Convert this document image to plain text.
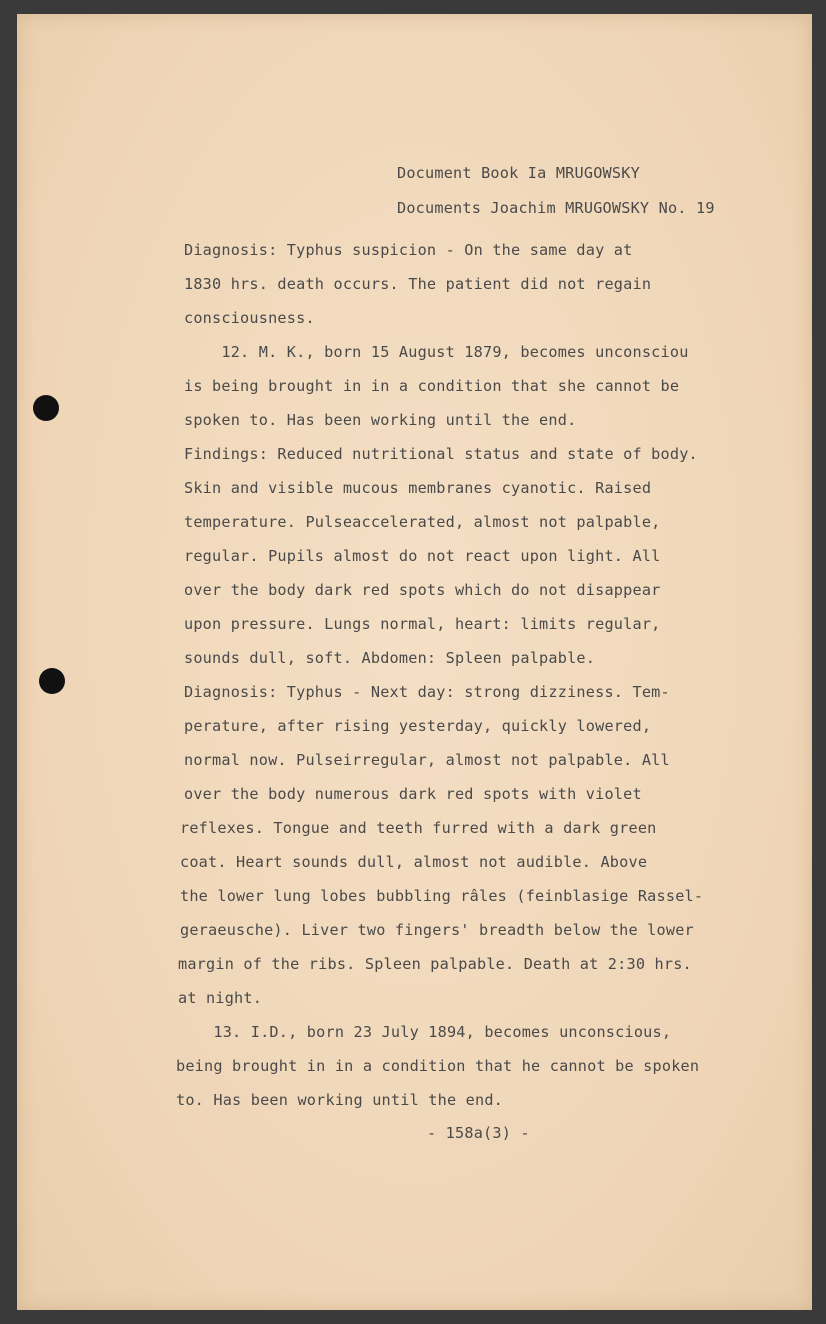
Document Book Ia MRUGOWSKY
Documents Joachim MRUGOWSKY No. 19
Diagnosis: Typhus suspicion - On the same day at
1830 hrs. death occurs. The patient did not regain
consciousness.
12. M. K., born 15 August 1879, becomes unconsciou
is being brought in in a condition that she cannot be
spoken to. Has been working until the end.
Findings: Reduced nutritional status and state of body.
Skin and visible mucous membranes cyanotic. Raised
temperature. Pulseaccelerated, almost not palpable,
regular. Pupils almost do not react upon light. All
over the body dark red spots which do not disappear
upon pressure. Lungs normal, heart: limits regular,
sounds dull, soft. Abdomen: Spleen palpable.
Diagnosis: Typhus - Next day: strong dizziness. Tem-
perature, after rising yesterday, quickly lowered,
normal now. Pulseirregular, almost not palpable. All
over the body numerous dark red spots with violet
reflexes. Tongue and teeth furred with a dark green
coat. Heart sounds dull, almost not audible. Above
the lower lung lobes bubbling râles (feinblasige Rassel-
geraeusche). Liver two fingers' breadth below the lower
margin of the ribs. Spleen palpable. Death at 2:30 hrs.
at night.
13. I.D., born 23 July 1894, becomes unconscious,
being brought in in a condition that he cannot be spoken
to. Has been working until the end.
- 158a(3) -
